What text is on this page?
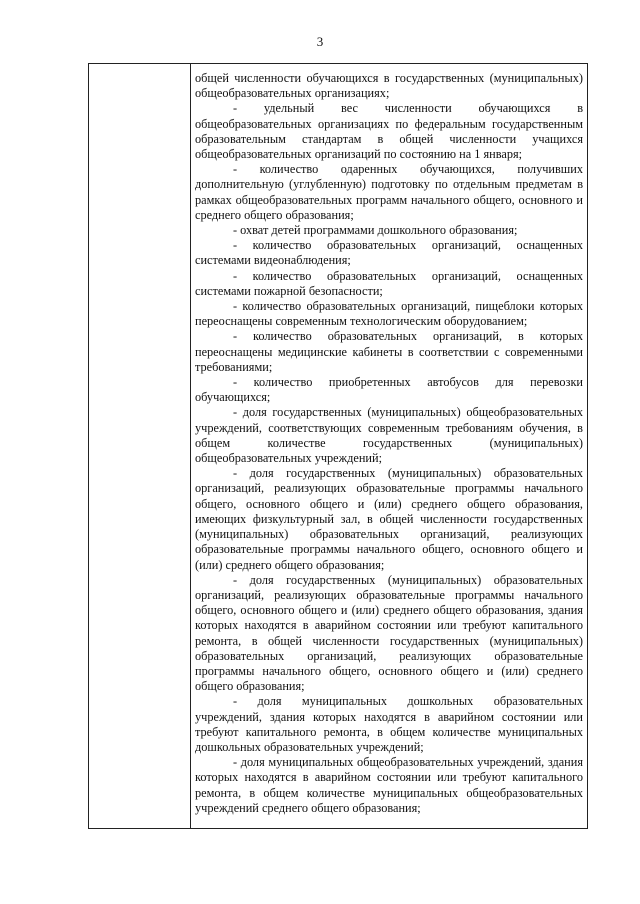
3

общей численности обучающихся в государственных (муниципальных) общеобразовательных организациях;

- удельный вес численности обучающихся в общеобразовательных организациях по федеральным государственным образовательным стандартам в общей численности учащихся общеобразовательных организаций по состоянию на 1 января;

- количество одаренных обучающихся, получивших дополнительную (углубленную) подготовку по отдельным предметам в рамках общеобразовательных программ начального общего, основного и среднего общего образования;

- охват детей программами дошкольного образования;

- количество образовательных организаций, оснащенных системами видеонаблюдения;

- количество образовательных организаций, оснащенных системами пожарной безопасности;

- количество образовательных организаций, пищеблоки которых переоснащены современным технологическим оборудованием;

- количество образовательных организаций, в которых переоснащены медицинские кабинеты в соответствии с современными требованиями;

- количество приобретенных автобусов для перевозки обучающихся;

- доля государственных (муниципальных) общеобразовательных учреждений, соответствующих современным требованиям обучения, в общем количестве государственных (муниципальных) общеобразовательных учреждений;

- доля государственных (муниципальных) образовательных организаций, реализующих образовательные программы начального общего, основного общего и (или) среднего общего образования, имеющих физкультурный зал, в общей численности государственных (муниципальных) образовательных организаций, реализующих образовательные программы начального общего, основного общего и (или) среднего общего образования;

- доля государственных (муниципальных) образовательных организаций, реализующих образовательные программы начального общего, основного общего и (или) среднего общего образования, здания которых находятся в аварийном состоянии или требуют капитального ремонта, в общей численности государственных (муниципальных) образовательных организаций, реализующих образовательные программы начального общего, основного общего и (или) среднего общего образования;

- доля муниципальных дошкольных образовательных учреждений, здания которых находятся в аварийном состоянии или требуют капитального ремонта, в общем количестве муниципальных дошкольных образовательных учреждений;

- доля муниципальных общеобразовательных учреждений, здания которых находятся в аварийном состоянии или требуют капитального ремонта, в общем количестве муниципальных общеобразовательных учреждений среднего общего образования;
